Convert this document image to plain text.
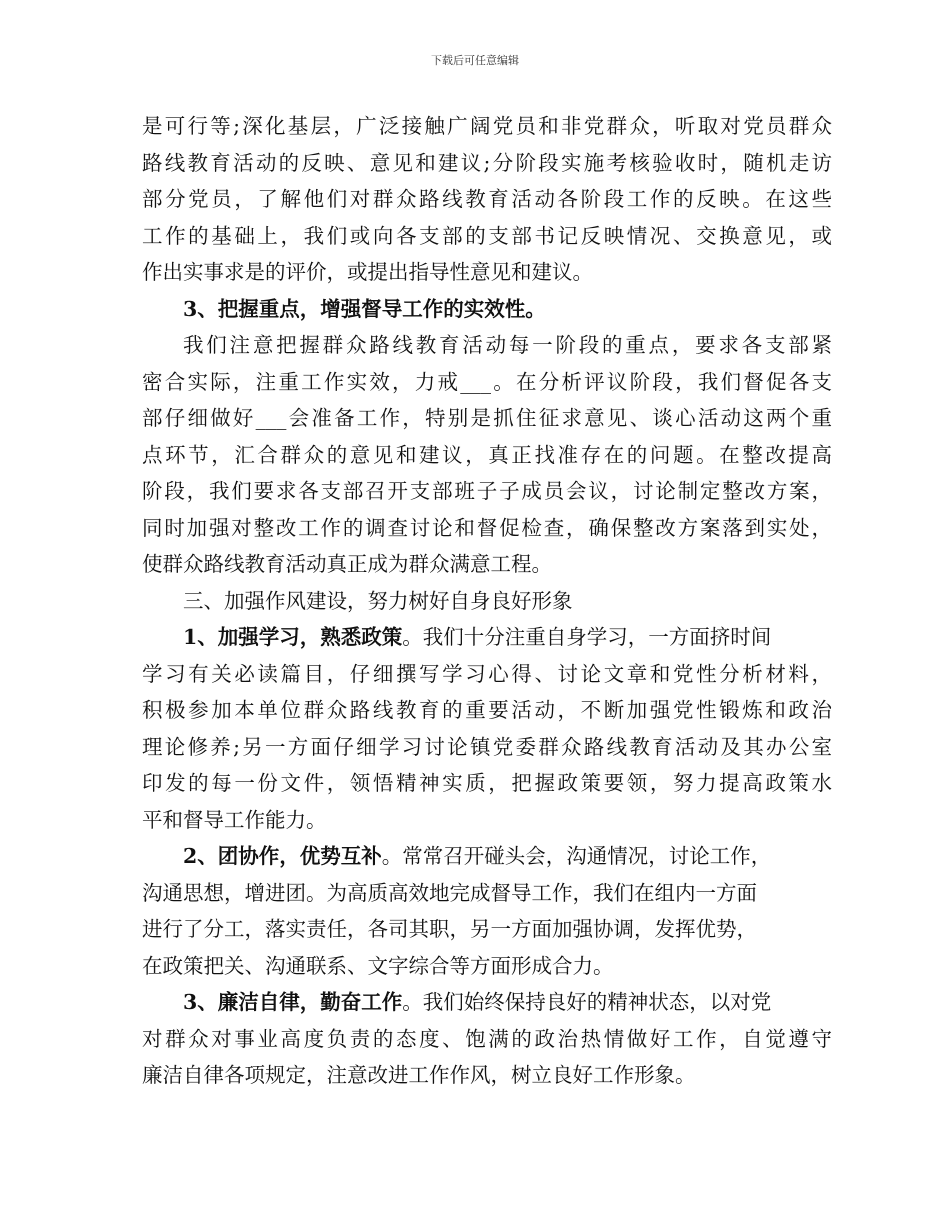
下载后可任意编辑
是可行等;深化基层，广泛接触广阔党员和非党群众，听取对党员群众
路线教育活动的反映、意见和建议;分阶段实施考核验收时，随机走访
部分党员，了解他们对群众路线教育活动各阶段工作的反映。在这些
工作的基础上，我们或向各支部的支部书记反映情况、交换意见，或
作出实事求是的评价，或提出指导性意见和建议。
3、把握重点，增强督导工作的实效性。
我们注意把握群众路线教育活动每一阶段的重点，要求各支部紧
密合实际，注重工作实效，力戒___。在分析评议阶段，我们督促各支
部仔细做好___会准备工作，特别是抓住征求意见、谈心活动这两个重
点环节，汇合群众的意见和建议，真正找准存在的问题。在整改提高
阶段，我们要求各支部召开支部班子子成员会议，讨论制定整改方案，
同时加强对整改工作的调查讨论和督促检查，确保整改方案落到实处，
使群众路线教育活动真正成为群众满意工程。
三、加强作风建设，努力树好自身良好形象
1、加强学习，熟悉政策。我们十分注重自身学习，一方面挤时间
学习有关必读篇目，仔细撰写学习心得、讨论文章和党性分析材料，
积极参加本单位群众路线教育的重要活动，不断加强党性锻炼和政治
理论修养;另一方面仔细学习讨论镇党委群众路线教育活动及其办公室
印发的每一份文件，领悟精神实质，把握政策要领，努力提高政策水
平和督导工作能力。
2、团协作，优势互补。常常召开碰头会，沟通情况，讨论工作，
沟通思想，增进团。为高质高效地完成督导工作，我们在组内一方面
进行了分工，落实责任，各司其职，另一方面加强协调，发挥优势，
在政策把关、沟通联系、文字综合等方面形成合力。
3、廉洁自律，勤奋工作。我们始终保持良好的精神状态，以对党
对群众对事业高度负责的态度、饱满的政治热情做好工作，自觉遵守
廉洁自律各项规定，注意改进工作作风，树立良好工作形象。
